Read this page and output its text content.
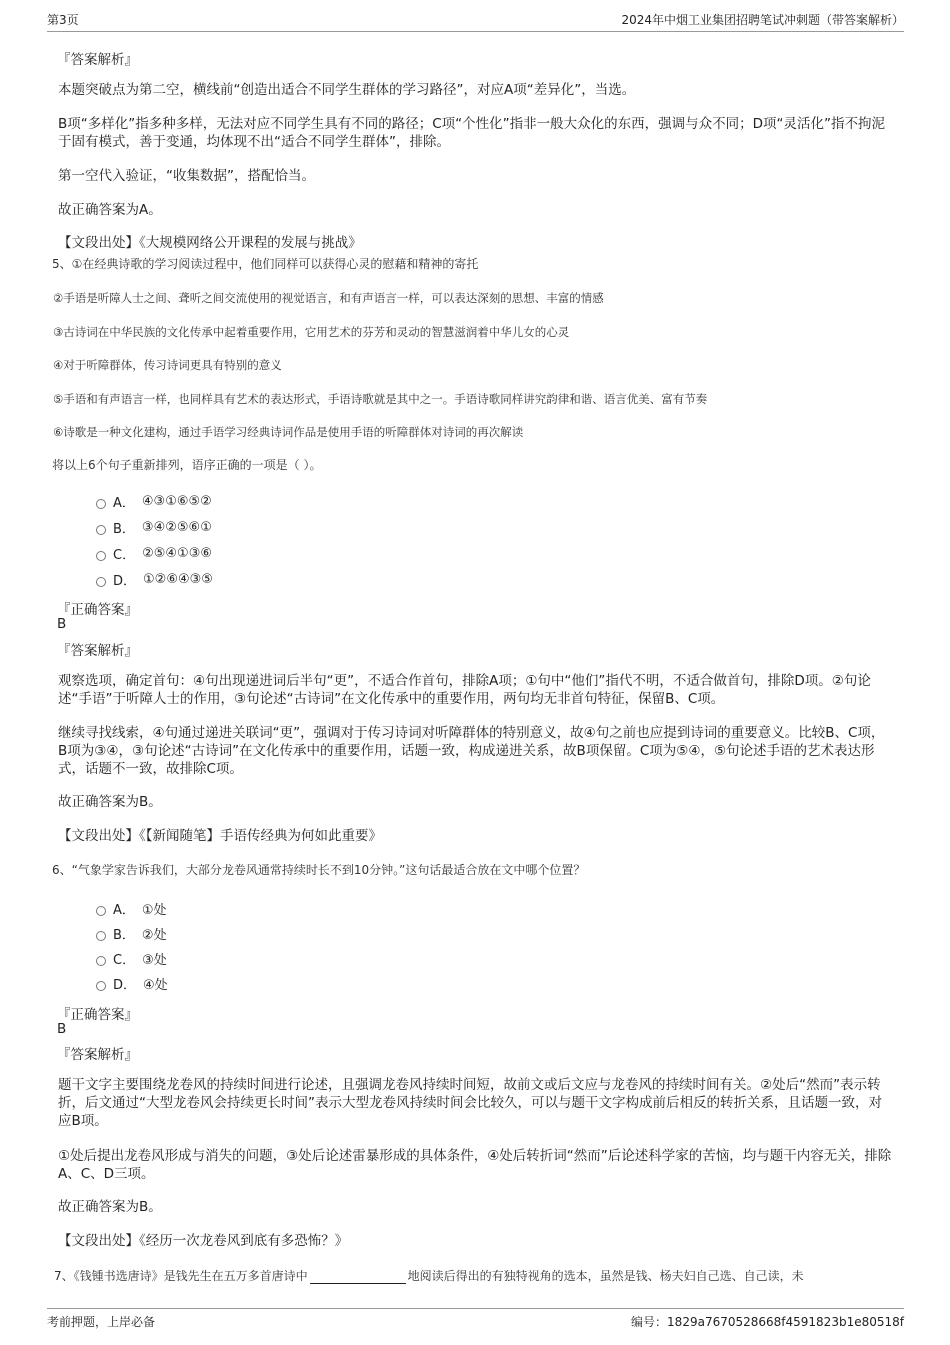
第3页	2024年中烟工业集团招聘笔试冲刺题（带答案解析）
『答案解析』
本题突破点为第二空，横线前“创造出适合不同学生群体的学习路径”，对应A项“差异化”，当选。
B项“多样化”指多种多样，无法对应不同学生具有不同的路径；C项“个性化”指非一般大众化的东西，强调与众不同；D项“灵活化”指不拘泥于固有模式，善于变通，均体现不出“适合不同学生群体”，排除。
第一空代入验证，“收集数据”，搭配恰当。
故正确答案为A。
【文段出处】《大规模网络公开课程的发展与挑战》
5、①在经典诗歌的学习阅读过程中，他们同样可以获得心灵的慰藉和精神的寄托
②手语是听障人士之间、聋听之间交流使用的视觉语言，和有声语言一样，可以表达深刻的思想、丰富的情感
③古诗词在中华民族的文化传承中起着重要作用，它用艺术的芬芳和灵动的智慧滋润着中华儿女的心灵
④对于听障群体，传习诗词更具有特别的意义
⑤手语和有声语言一样，也同样具有艺术的表达形式，手语诗歌就是其中之一。手语诗歌同样讲究韵律和谐、语言优美、富有节奏
⑥诗歌是一种文化建构，通过手语学习经典诗词作品是使用手语的听障群体对诗词的再次解读
将以上6个句子重新排列，语序正确的一项是（ ）。
A． ④③①⑥⑤②
B． ③④②⑤⑥①
C． ②⑤④①③⑥
D． ①②⑥④③⑤
『正确答案』
B
『答案解析』
观察选项，确定首句：④句出现递进词后半句“更”，不适合作首句，排除A项；①句中“他们”指代不明，不适合做首句，排除D项。②句论述“手语”于听障人士的作用，③句论述“古诗词”在文化传承中的重要作用，两句均无非首句特征，保留B、C项。
继续寻找线索，④句通过递进关联词“更”，强调对于传习诗词对听障群体的特别意义，故④句之前也应提到诗词的重要意义。比较B、C项，B项为③④，③句论述“古诗词”在文化传承中的重要作用，话题一致，构成递进关系，故B项保留。C项为⑤④，⑤句论述手语的艺术表达形式，话题不一致，故排除C项。
故正确答案为B。
【文段出处】《【新闻随笔】手语传经典为何如此重要》
6、“气象学家告诉我们，大部分龙卷风通常持续时长不到10分钟。”这句话最适合放在文中哪个位置？
A． ①处
B． ②处
C． ③处
D． ④处
『正确答案』
B
『答案解析』
题干文字主要围绕龙卷风的持续时间进行论述，且强调龙卷风持续时间短，故前文或后文应与龙卷风的持续时间有关。②处后“然而”表示转折，后文通过“大型龙卷风会持续更长时间”表示大型龙卷风持续时间会比较久，可以与题干文字构成前后相反的转折关系，且话题一致，对应B项。
①处后提出龙卷风形成与消失的问题，③处后论述雷暴形成的具体条件，④处后转折词“然而”后论述科学家的苦恼，均与题干内容无关，排除A、C、D三项。
故正确答案为B。
【文段出处】《经历一次龙卷风到底有多恐怖？》
7、《钱锺书选唐诗》是钱先生在五万多首唐诗中	地阅读后得出的有独特视角的选本，虽然是钱、杨夫妇自己选、自己读，未
考前押题，上岸必备	编号：1829a7670528668f4591823b1e80518f
